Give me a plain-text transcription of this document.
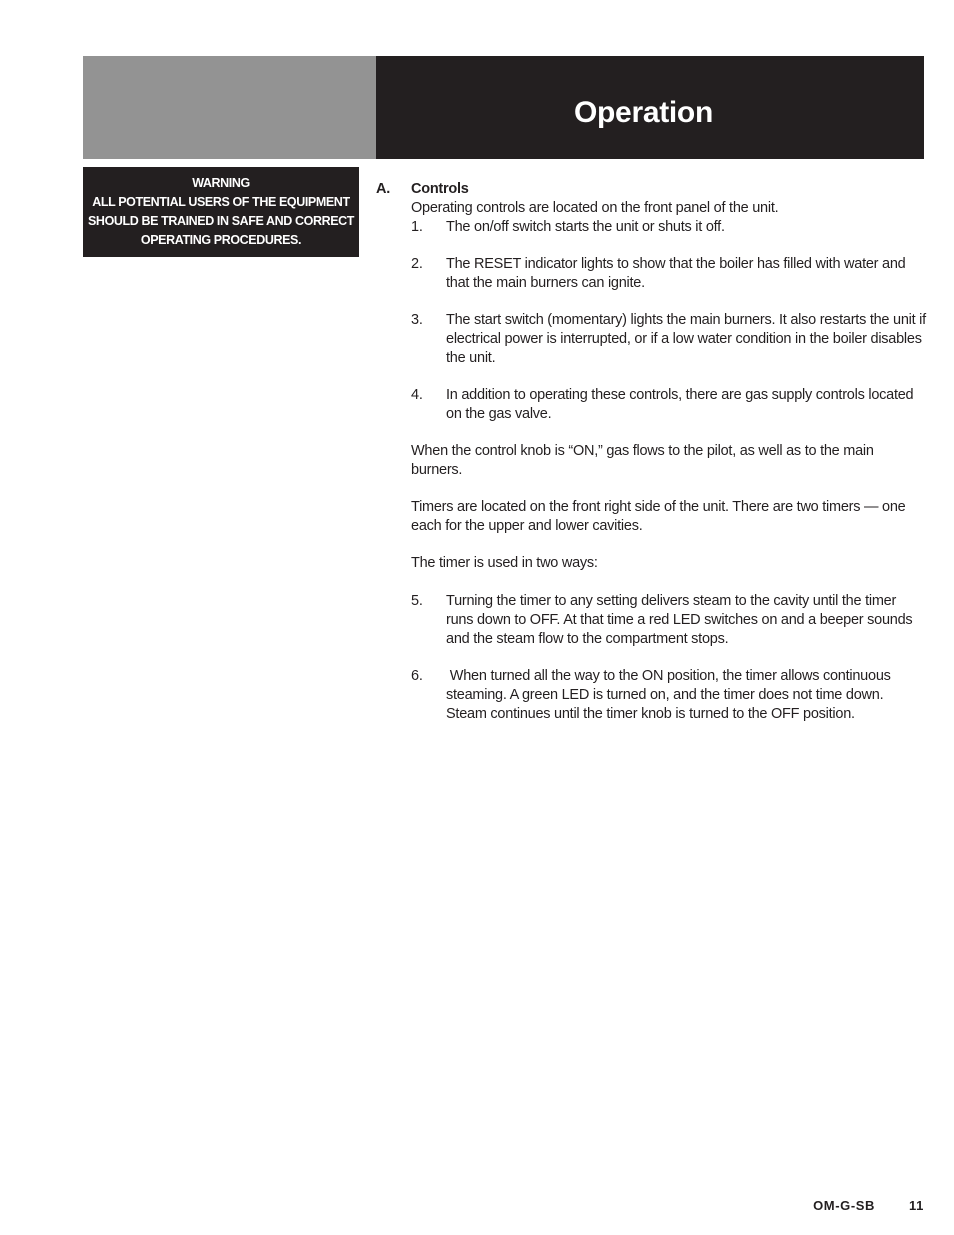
Operation
WARNING
ALL POTENTIAL USERS OF THE EQUIPMENT
SHOULD BE TRAINED IN SAFE AND CORRECT
OPERATING PROCEDURES.
A.	Controls
Operating controls are located on the front panel of the unit.
1.	The on/off switch starts the unit or shuts it off.
2.	The RESET indicator lights to show that the boiler has filled with water and that the main burners can ignite.
3.	The start switch (momentary) lights the main burners. It also restarts the unit if electrical power is interrupted, or if a low water condition in the boiler disables the unit.
4.	In addition to operating these controls, there are gas supply controls located on the gas valve.
When the control knob is “ON,” gas flows to the pilot, as well as to the main burners.
Timers are located on the front right side of the unit. There are two timers — one each for the upper and lower cavities.
The timer is used in two ways:
5.	Turning the timer to any setting delivers steam to the cavity until the timer runs down to OFF. At that time a red LED switches on and a beeper sounds and the steam flow to the compartment stops.
6.	When turned all the way to the ON position, the timer allows continuous steaming. A green LED is turned on, and the timer does not time down. Steam continues until the timer knob is turned to the OFF position.
OM-G-SB	11
